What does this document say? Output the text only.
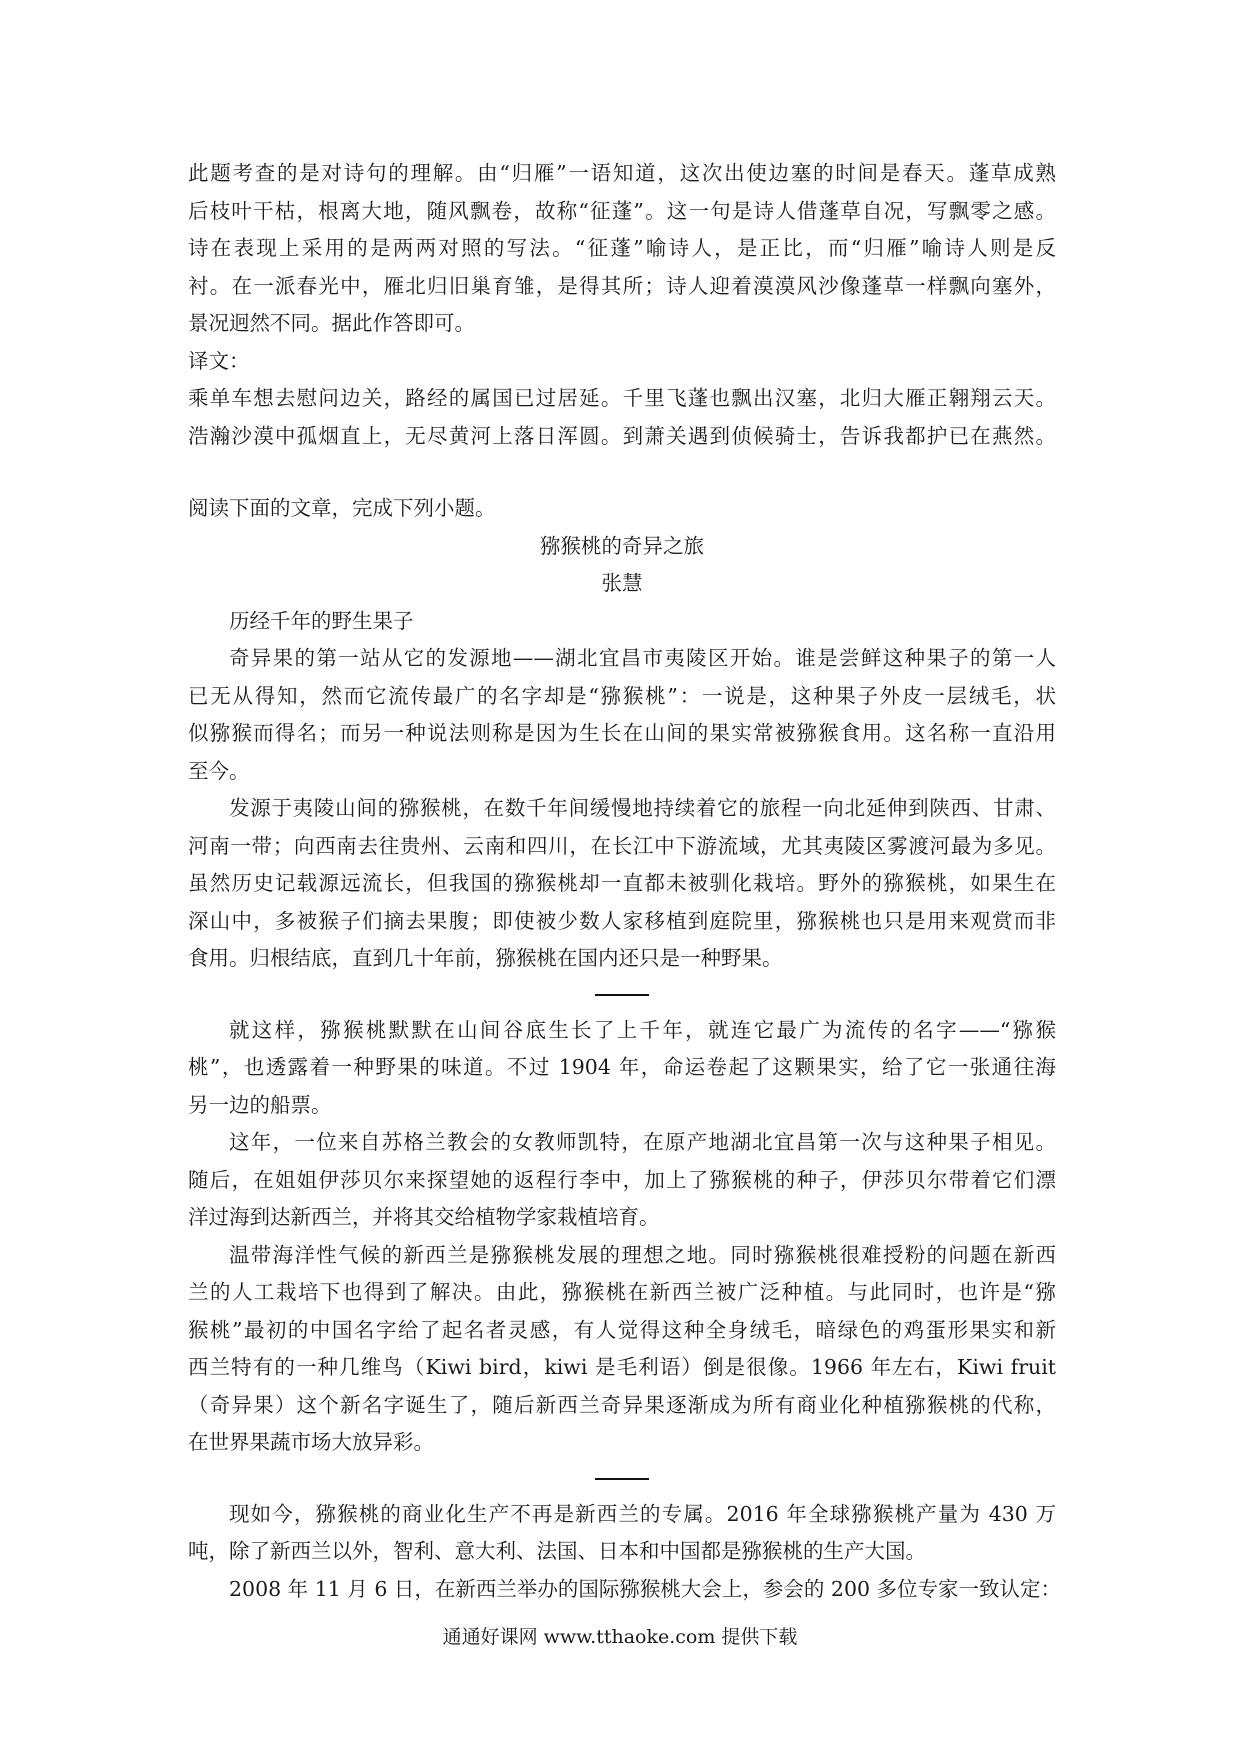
此题考查的是对诗句的理解。由“归雁”一语知道，这次出使边塞的时间是春天。蓬草成熟
后枝叶干枯，根离大地，随风飘卷，故称“征蓬”。这一句是诗人借蓬草自况，写飘零之感。
诗在表现上采用的是两两对照的写法。“征蓬”喻诗人，是正比，而“归雁”喻诗人则是反
衬。在一派春光中，雁北归旧巢育雏，是得其所；诗人迎着漠漠风沙像蓬草一样飘向塞外，
景况迥然不同。据此作答即可。
译文：
乘单车想去慰问边关，路经的属国已过居延。千里飞蓬也飘出汉塞，北归大雁正翱翔云天。
浩瀚沙漠中孤烟直上，无尽黄河上落日浑圆。到萧关遇到侦候骑士，告诉我都护已在燕然。
阅读下面的文章，完成下列小题。
猕猴桃的奇异之旅
张慧
历经千年的野生果子
奇异果的第一站从它的发源地——湖北宜昌市夷陵区开始。谁是尝鲜这种果子的第一人
已无从得知，然而它流传最广的名字却是“猕猴桃”：一说是，这种果子外皮一层绒毛，状
似猕猴而得名；而另一种说法则称是因为生长在山间的果实常被猕猴食用。这名称一直沿用
至今。
发源于夷陵山间的猕猴桃，在数千年间缓慢地持续着它的旅程一向北延伸到陕西、甘肃、
河南一带；向西南去往贵州、云南和四川，在长江中下游流域，尤其夷陵区雾渡河最为多见。
虽然历史记载源远流长，但我国的猕猴桃却一直都未被驯化栽培。野外的猕猴桃，如果生在
深山中，多被猴子们摘去果腹；即使被少数人家移植到庭院里，猕猴桃也只是用来观赏而非
食用。归根结底，直到几十年前，猕猴桃在国内还只是一种野果。
就这样，猕猴桃默默在山间谷底生长了上千年，就连它最广为流传的名字——“猕猴
桃”，也透露着一种野果的味道。不过 1904 年，命运卷起了这颗果实，给了它一张通往海
另一边的船票。
这年，一位来自苏格兰教会的女教师凯特，在原产地湖北宜昌第一次与这种果子相见。
随后，在姐姐伊莎贝尔来探望她的返程行李中，加上了猕猴桃的种子，伊莎贝尔带着它们漂
洋过海到达新西兰，并将其交给植物学家栽植培育。
温带海洋性气候的新西兰是猕猴桃发展的理想之地。同时猕猴桃很难授粉的问题在新西
兰的人工栽培下也得到了解决。由此，猕猴桃在新西兰被广泛种植。与此同时，也许是“猕
猴桃”最初的中国名字给了起名者灵感，有人觉得这种全身绒毛，暗绿色的鸡蛋形果实和新
西兰特有的一种几维鸟（Kiwi bird，kiwi 是毛利语）倒是很像。1966 年左右，Kiwi fruit
（奇异果）这个新名字诞生了，随后新西兰奇异果逐渐成为所有商业化种植猕猴桃的代称，
在世界果蔬市场大放异彩。
现如今，猕猴桃的商业化生产不再是新西兰的专属。2016 年全球猕猴桃产量为 430 万
吨，除了新西兰以外，智利、意大利、法国、日本和中国都是猕猴桃的生产大国。
2008 年 11 月 6 日，在新西兰举办的国际猕猴桃大会上，参会的 200 多位专家一致认定：
通通好课网 www.tthaoke.com 提供下载
